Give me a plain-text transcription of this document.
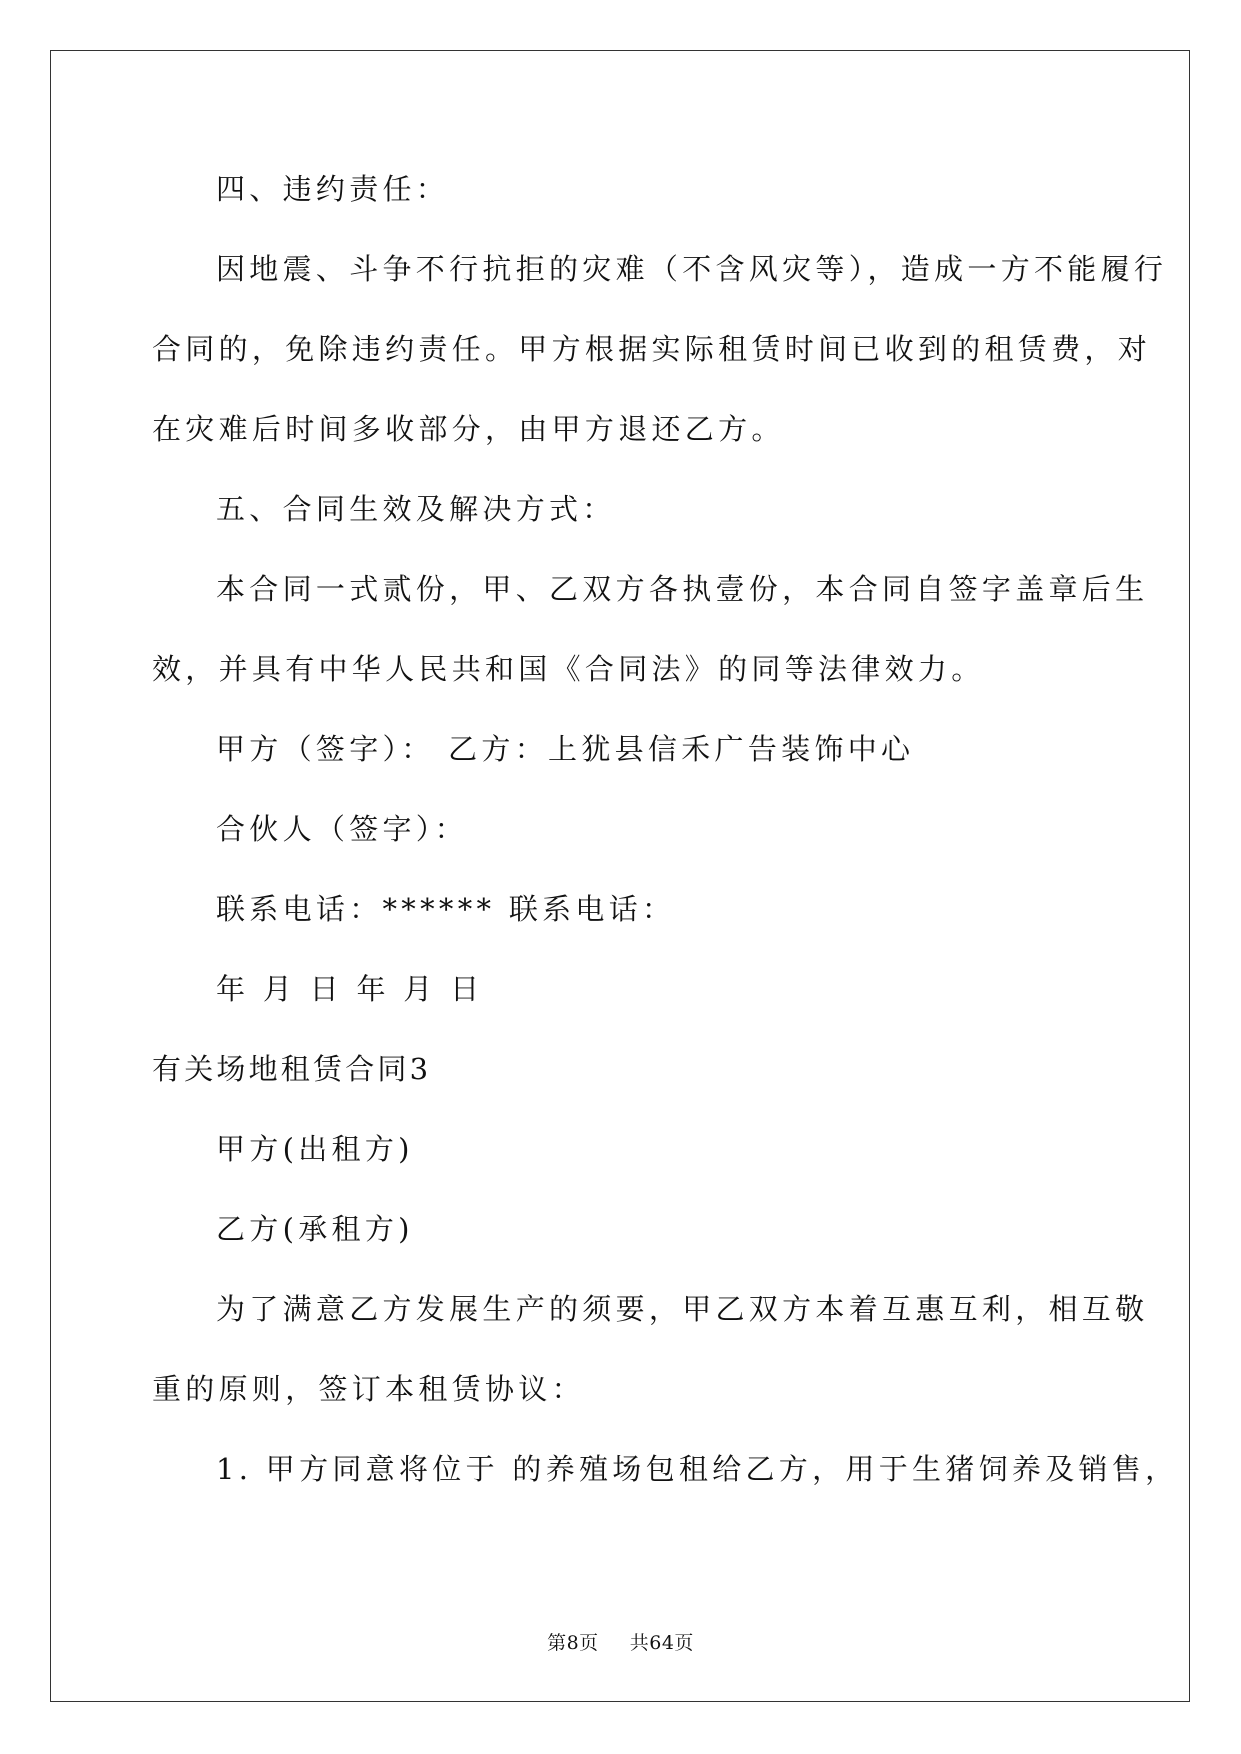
四、违约责任：
因地震、斗争不行抗拒的灾难（不含风灾等），造成一方不能履行
合同的，免除违约责任。甲方根据实际租赁时间已收到的租赁费，对
在灾难后时间多收部分，由甲方退还乙方。
五、合同生效及解决方式：
本合同一式贰份，甲、乙双方各执壹份，本合同自签字盖章后生
效，并具有中华人民共和国《合同法》的同等法律效力。
甲方（签字）： 乙方：上犹县信禾广告装饰中心
合伙人（签字）：
联系电话：****** 联系电话：
年 月 日 年 月 日
有关场地租赁合同3
甲方(出租方)
乙方(承租方)
为了满意乙方发展生产的须要，甲乙双方本着互惠互利，相互敬
重的原则，签订本租赁协议：
1. 甲方同意将位于 的养殖场包租给乙方，用于生猪饲养及销售，
第8页 共64页
